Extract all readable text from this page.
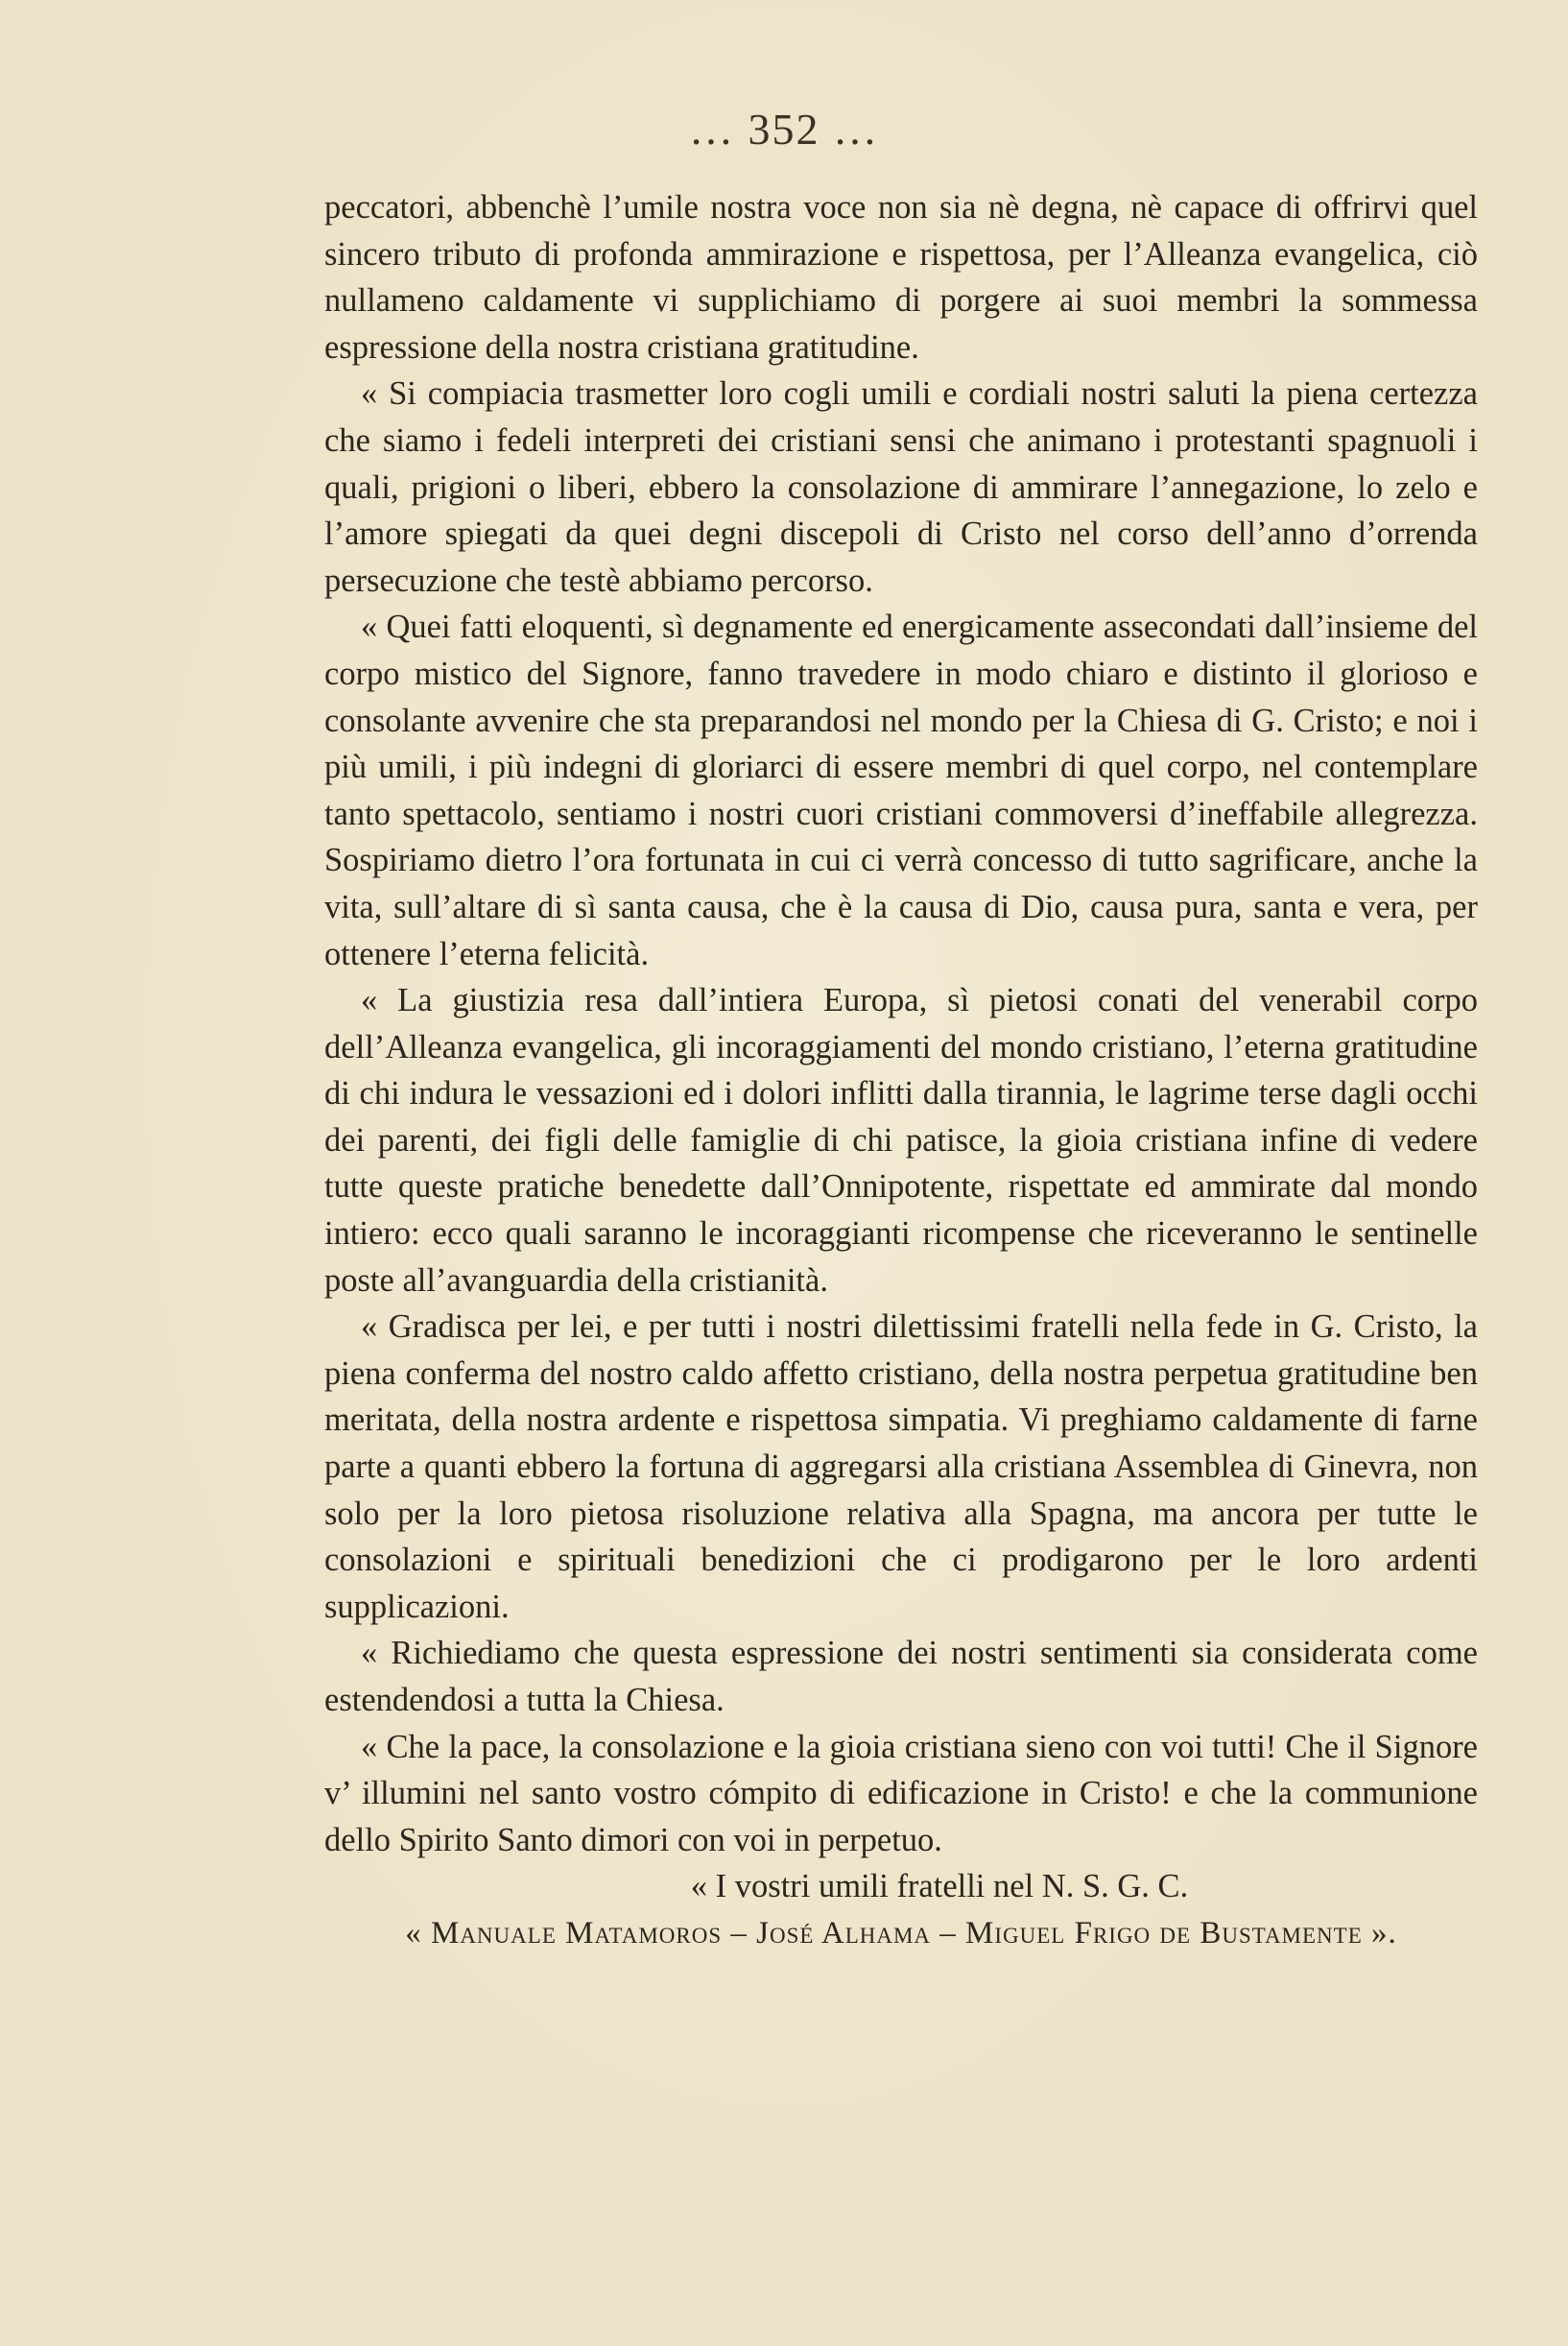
… 352 …

peccatori, abbenchè l’umile nostra voce non sia nè degna, nè capace di offrirvi quel sincero tributo di profonda ammirazione e rispettosa, per l’Alleanza evangelica, ciò nullameno caldamente vi supplichiamo di porgere ai suoi membri la sommessa espressione della nostra cristiana gratitudine.

« Si compiacia trasmetter loro cogli umili e cordiali nostri saluti la piena certezza che siamo i fedeli interpreti dei cristiani sensi che animano i protestanti spagnuoli i quali, prigioni o liberi, ebbero la consolazione di ammirare l’annegazione, lo zelo e l’amore spiegati da quei degni discepoli di Cristo nel corso dell’anno d’orrenda persecuzione che testè abbiamo percorso.

« Quei fatti eloquenti, sì degnamente ed energicamente assecondati dall’insieme del corpo mistico del Signore, fanno travedere in modo chiaro e distinto il glorioso e consolante avvenire che sta preparandosi nel mondo per la Chiesa di G. Cristo; e noi i più umili, i più indegni di gloriarci di essere membri di quel corpo, nel contemplare tanto spettacolo, sentiamo i nostri cuori cristiani commoversi d’ineffabile allegrezza. Sospiriamo dietro l’ora fortunata in cui ci verrà concesso di tutto sagrificare, anche la vita, sull’altare di sì santa causa, che è la causa di Dio, causa pura, santa e vera, per ottenere l’eterna felicità.

« La giustizia resa dall’intiera Europa, sì pietosi conati del venerabil corpo dell’Alleanza evangelica, gli incoraggiamenti del mondo cristiano, l’eterna gratitudine di chi indura le vessazioni ed i dolori inflitti dalla tirannia, le lagrime terse dagli occhi dei parenti, dei figli delle famiglie di chi patisce, la gioia cristiana infine di vedere tutte queste pratiche benedette dall’Onnipotente, rispettate ed ammirate dal mondo intiero: ecco quali saranno le incoraggianti ricompense che riceveranno le sentinelle poste all’avanguardia della cristianità.

« Gradisca per lei, e per tutti i nostri dilettissimi fratelli nella fede in G. Cristo, la piena conferma del nostro caldo affetto cristiano, della nostra perpetua gratitudine ben meritata, della nostra ardente e rispettosa simpatia. Vi preghiamo caldamente di farne parte a quanti ebbero la fortuna di aggregarsi alla cristiana Assemblea di Ginevra, non solo per la loro pietosa risoluzione relativa alla Spagna, ma ancora per tutte le consolazioni e spirituali benedizioni che ci prodigarono per le loro ardenti supplicazioni.

« Richiediamo che questa espressione dei nostri sentimenti sia considerata come estendendosi a tutta la Chiesa.

« Che la pace, la consolazione e la gioia cristiana sieno con voi tutti! Che il Signore v’ illumini nel santo vostro cómpito di edificazione in Cristo! e che la communione dello Spirito Santo dimori con voi in perpetuo.

« I vostri umili fratelli nel N. S. G. C.

« Manuale Matamoros – José Alhama – Miguel Frigo de Bustamente ».
